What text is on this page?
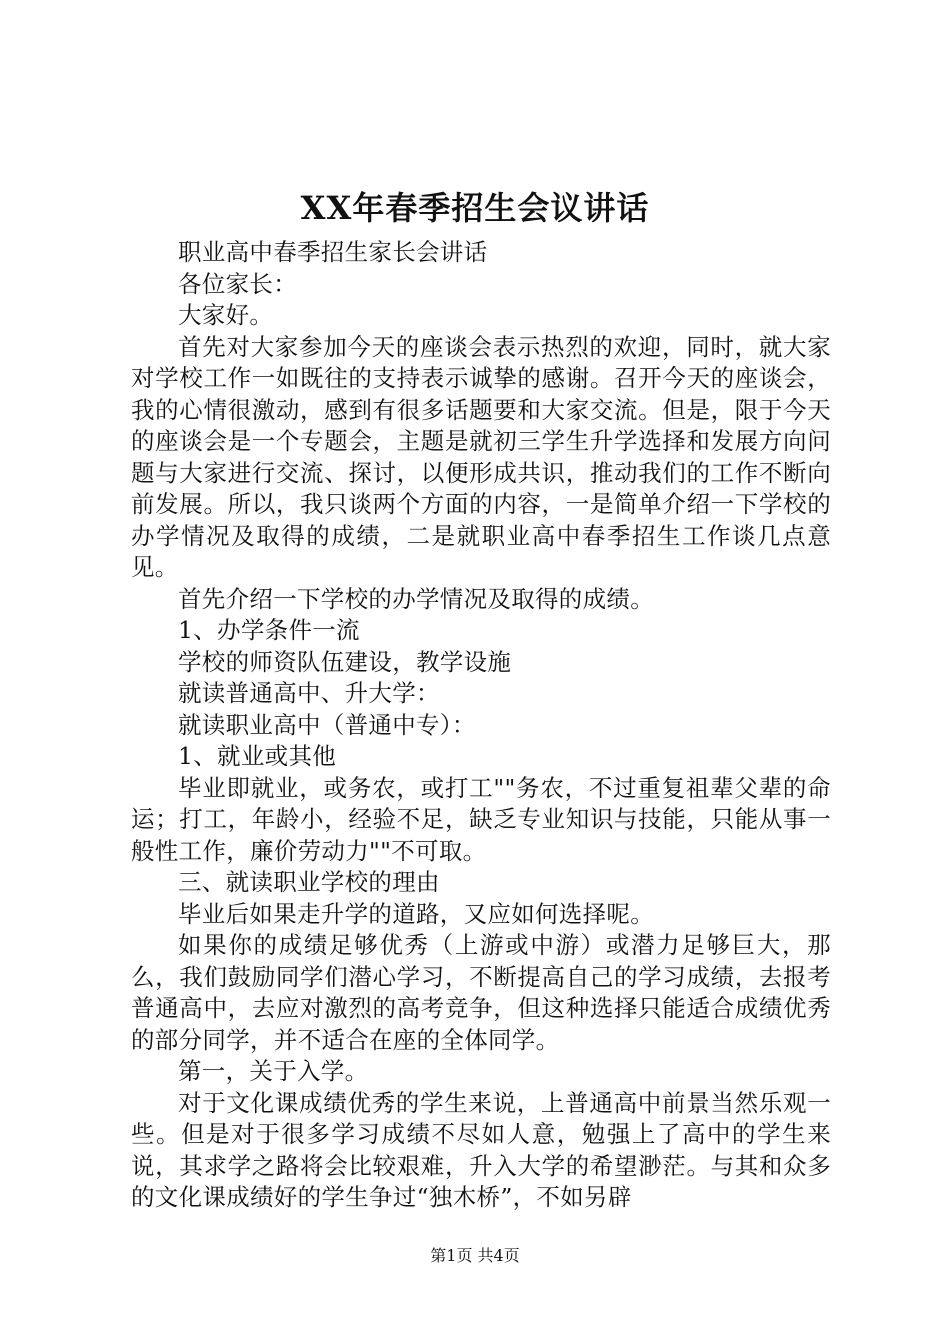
XX年春季招生会议讲话

职业高中春季招生家长会讲话

各位家长：

大家好。

首先对大家参加今天的座谈会表示热烈的欢迎，同时，就大家对学校工作一如既往的支持表示诚挚的感谢。召开今天的座谈会，我的心情很激动，感到有很多话题要和大家交流。但是，限于今天的座谈会是一个专题会，主题是就初三学生升学选择和发展方向问题与大家进行交流、探讨，以便形成共识，推动我们的工作不断向前发展。所以，我只谈两个方面的内容，一是简单介绍一下学校的办学情况及取得的成绩，二是就职业高中春季招生工作谈几点意见。

首先介绍一下学校的办学情况及取得的成绩。

1、办学条件一流

学校的师资队伍建设，教学设施

就读普通高中、升大学：

就读职业高中（普通中专）：

1、就业或其他

毕业即就业，或务农，或打工""务农，不过重复祖辈父辈的命运；打工，年龄小，经验不足，缺乏专业知识与技能，只能从事一般性工作，廉价劳动力""不可取。

三、就读职业学校的理由

毕业后如果走升学的道路，又应如何选择呢。

如果你的成绩足够优秀（上游或中游）或潜力足够巨大，那么，我们鼓励同学们潜心学习，不断提高自己的学习成绩，去报考普通高中，去应对激烈的高考竞争，但这种选择只能适合成绩优秀的部分同学，并不适合在座的全体同学。

第一，关于入学。

对于文化课成绩优秀的学生来说，上普通高中前景当然乐观一些。但是对于很多学习成绩不尽如人意，勉强上了高中的学生来说，其求学之路将会比较艰难，升入大学的希望渺茫。与其和众多的文化课成绩好的学生争过“独木桥”，不如另辟

第1页 共4页
